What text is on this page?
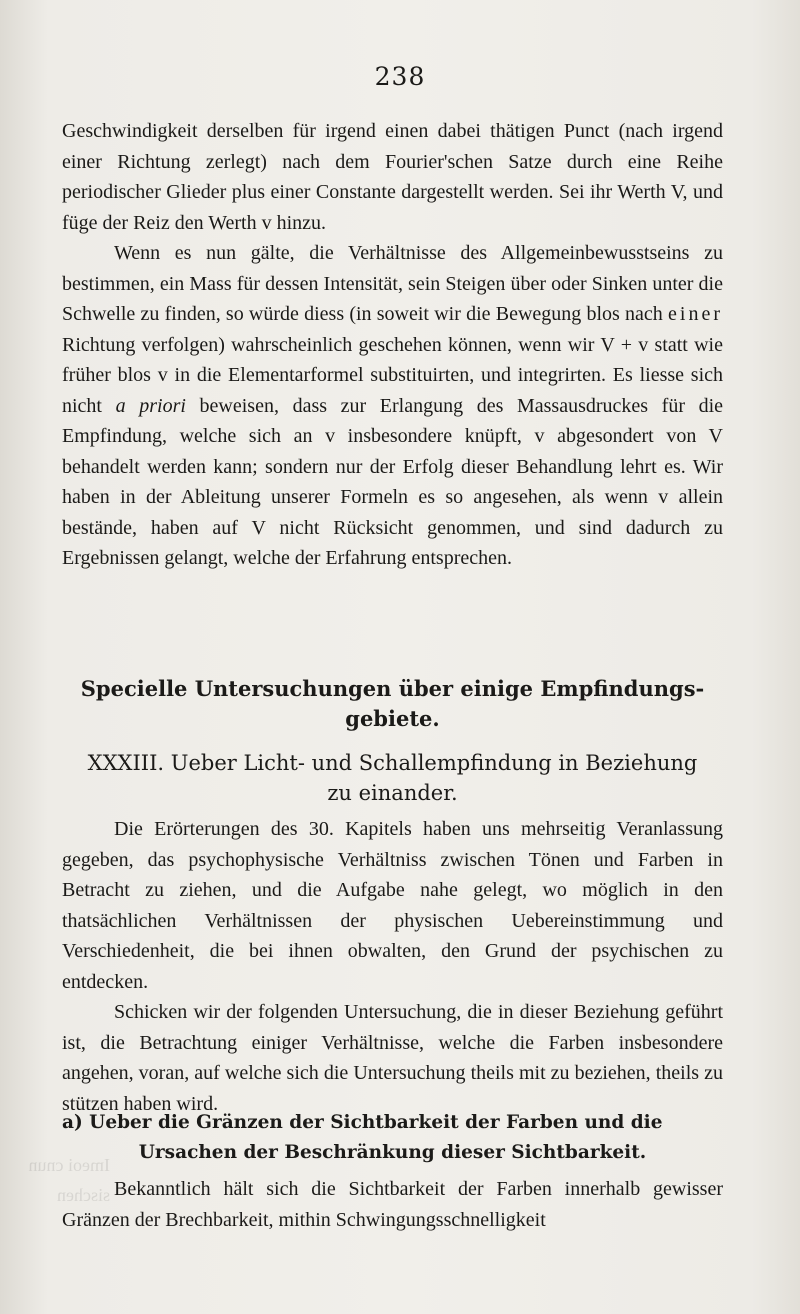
Imeoi cnun
sischen
238

Geschwindigkeit derselben für irgend einen dabei thätigen Punct (nach irgend einer Richtung zerlegt) nach dem Fourier'schen Satze durch eine Reihe periodischer Glieder plus einer Constante dargestellt werden. Sei ihr Werth V, und füge der Reiz den Werth v hinzu.

Wenn es nun gälte, die Verhältnisse des Allgemeinbewusstseins zu bestimmen, ein Mass für dessen Intensität, sein Steigen über oder Sinken unter die Schwelle zu finden, so würde diess (in soweit wir die Bewegung blos nach einer Richtung verfolgen) wahrscheinlich geschehen können, wenn wir V + v statt wie früher blos v in die Elementarformel substituirten, und integrirten. Es liesse sich nicht a priori beweisen, dass zur Erlangung des Massausdruckes für die Empfindung, welche sich an v insbesondere knüpft, v abgesondert von V behandelt werden kann; sondern nur der Erfolg dieser Behandlung lehrt es. Wir haben in der Ableitung unserer Formeln es so angesehen, als wenn v allein bestände, haben auf V nicht Rücksicht genommen, und sind dadurch zu Ergebnissen gelangt, welche der Erfahrung entsprechen.

Specielle Untersuchungen über einige Empfindungs-
gebiete.
XXXIII. Ueber Licht- und Schallempfindung in Beziehung
zu einander.

Die Erörterungen des 30. Kapitels haben uns mehrseitig Veranlassung gegeben, das psychophysische Verhältniss zwischen Tönen und Farben in Betracht zu ziehen, und die Aufgabe nahe gelegt, wo möglich in den thatsächlichen Verhältnissen der physischen Uebereinstimmung und Verschiedenheit, die bei ihnen obwalten, den Grund der psychischen zu entdecken.

Schicken wir der folgenden Untersuchung, die in dieser Beziehung geführt ist, die Betrachtung einiger Verhältnisse, welche die Farben insbesondere angehen, voran, auf welche sich die Untersuchung theils mit zu beziehen, theils zu stützen haben wird.

a) Ueber die Gränzen der Sichtbarkeit der Farben und die
Ursachen der Beschränkung dieser Sichtbarkeit.

Bekanntlich hält sich die Sichtbarkeit der Farben innerhalb gewisser Gränzen der Brechbarkeit, mithin Schwingungsschnelligkeit
